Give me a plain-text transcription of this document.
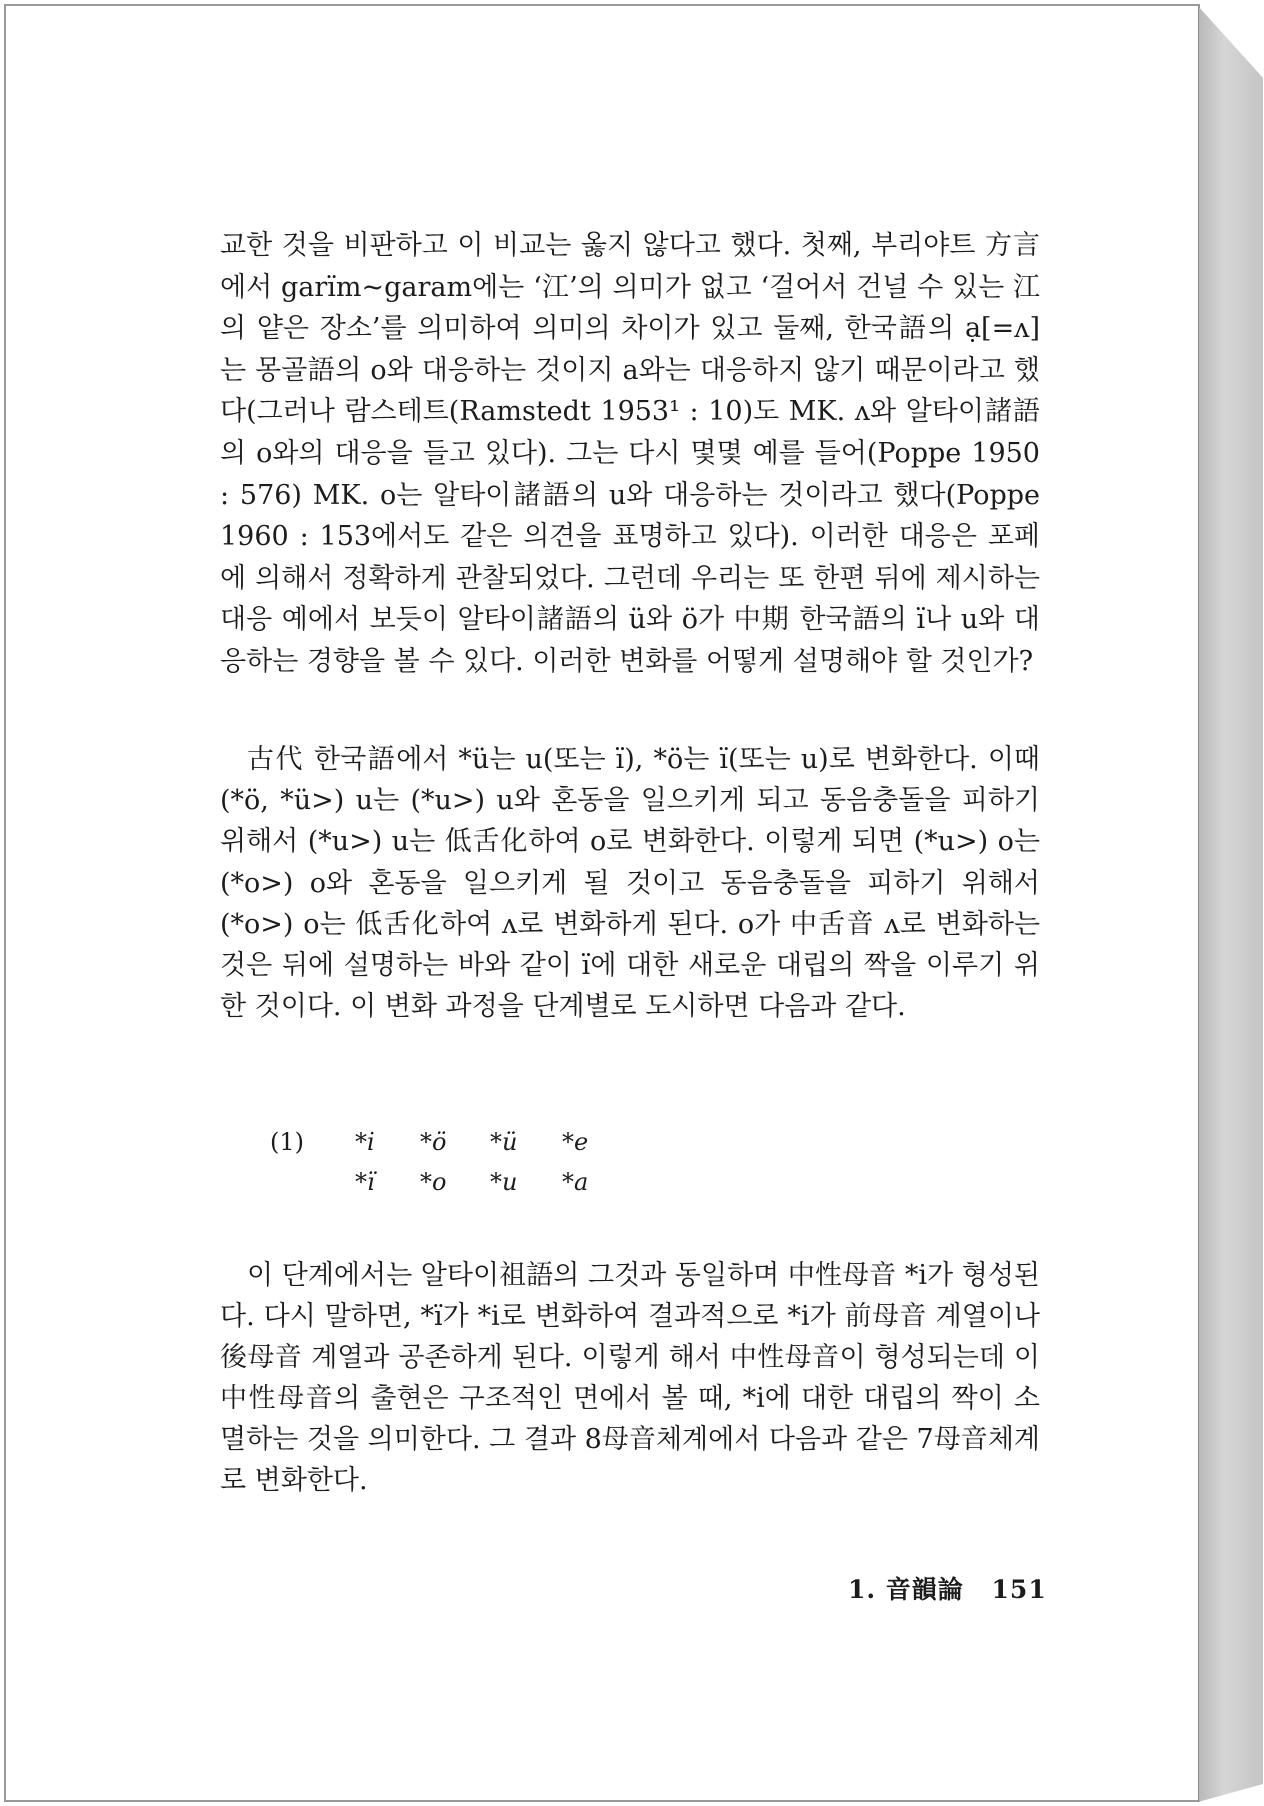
교한 것을 비판하고 이 비교는 옳지 않다고 했다. 첫째, 부리야트 方言에서 garïm~garam에는 ‘江’의 의미가 없고 ‘걸어서 건널 수 있는 江의 얕은 장소’를 의미하여 의미의 차이가 있고 둘째, 한국語의 ạ[=ʌ]는 몽골語의 o와 대응하는 것이지 a와는 대응하지 않기 때문이라고 했다(그러나 람스테트(Ramstedt 1953¹ : 10)도 MK. ʌ와 알타이諸語의 o와의 대응을 들고 있다). 그는 다시 몇몇 예를 들어(Poppe 1950 : 576) MK. o는 알타이諸語의 u와 대응하는 것이라고 했다(Poppe 1960 : 153에서도 같은 의견을 표명하고 있다). 이러한 대응은 포페에 의해서 정확하게 관찰되었다. 그런데 우리는 또 한편 뒤에 제시하는 대응 예에서 보듯이 알타이諸語의 ü와 ö가 中期 한국語의 ï나 u와 대응하는 경향을 볼 수 있다. 이러한 변화를 어떻게 설명해야 할 것인가?

古代 한국語에서 *ü는 u(또는 ï), *ö는 ï(또는 u)로 변화한다. 이때 (*ö, *ü>) u는 (*u>) u와 혼동을 일으키게 되고 동음충돌을 피하기 위해서 (*u>) u는 低舌化하여 o로 변화한다. 이렇게 되면 (*u>) o는 (*o>) o와 혼동을 일으키게 될 것이고 동음충돌을 피하기 위해서 (*o>) o는 低舌化하여 ʌ로 변화하게 된다. o가 中舌音 ʌ로 변화하는 것은 뒤에 설명하는 바와 같이 ï에 대한 새로운 대립의 짝을 이루기 위한 것이다. 이 변화 과정을 단계별로 도시하면 다음과 같다.

(1) *i *ö *ü *e
*ï *o *u *a

이 단계에서는 알타이祖語의 그것과 동일하며 中性母音 *i가 형성된다. 다시 말하면, *ï가 *i로 변화하여 결과적으로 *i가 前母音 계열이나 後母音 계열과 공존하게 된다. 이렇게 해서 中性母音이 형성되는데 이 中性母音의 출현은 구조적인 면에서 볼 때, *i에 대한 대립의 짝이 소멸하는 것을 의미한다. 그 결과 8母音체계에서 다음과 같은 7母音체계로 변화한다.

1. 音韻論 151
